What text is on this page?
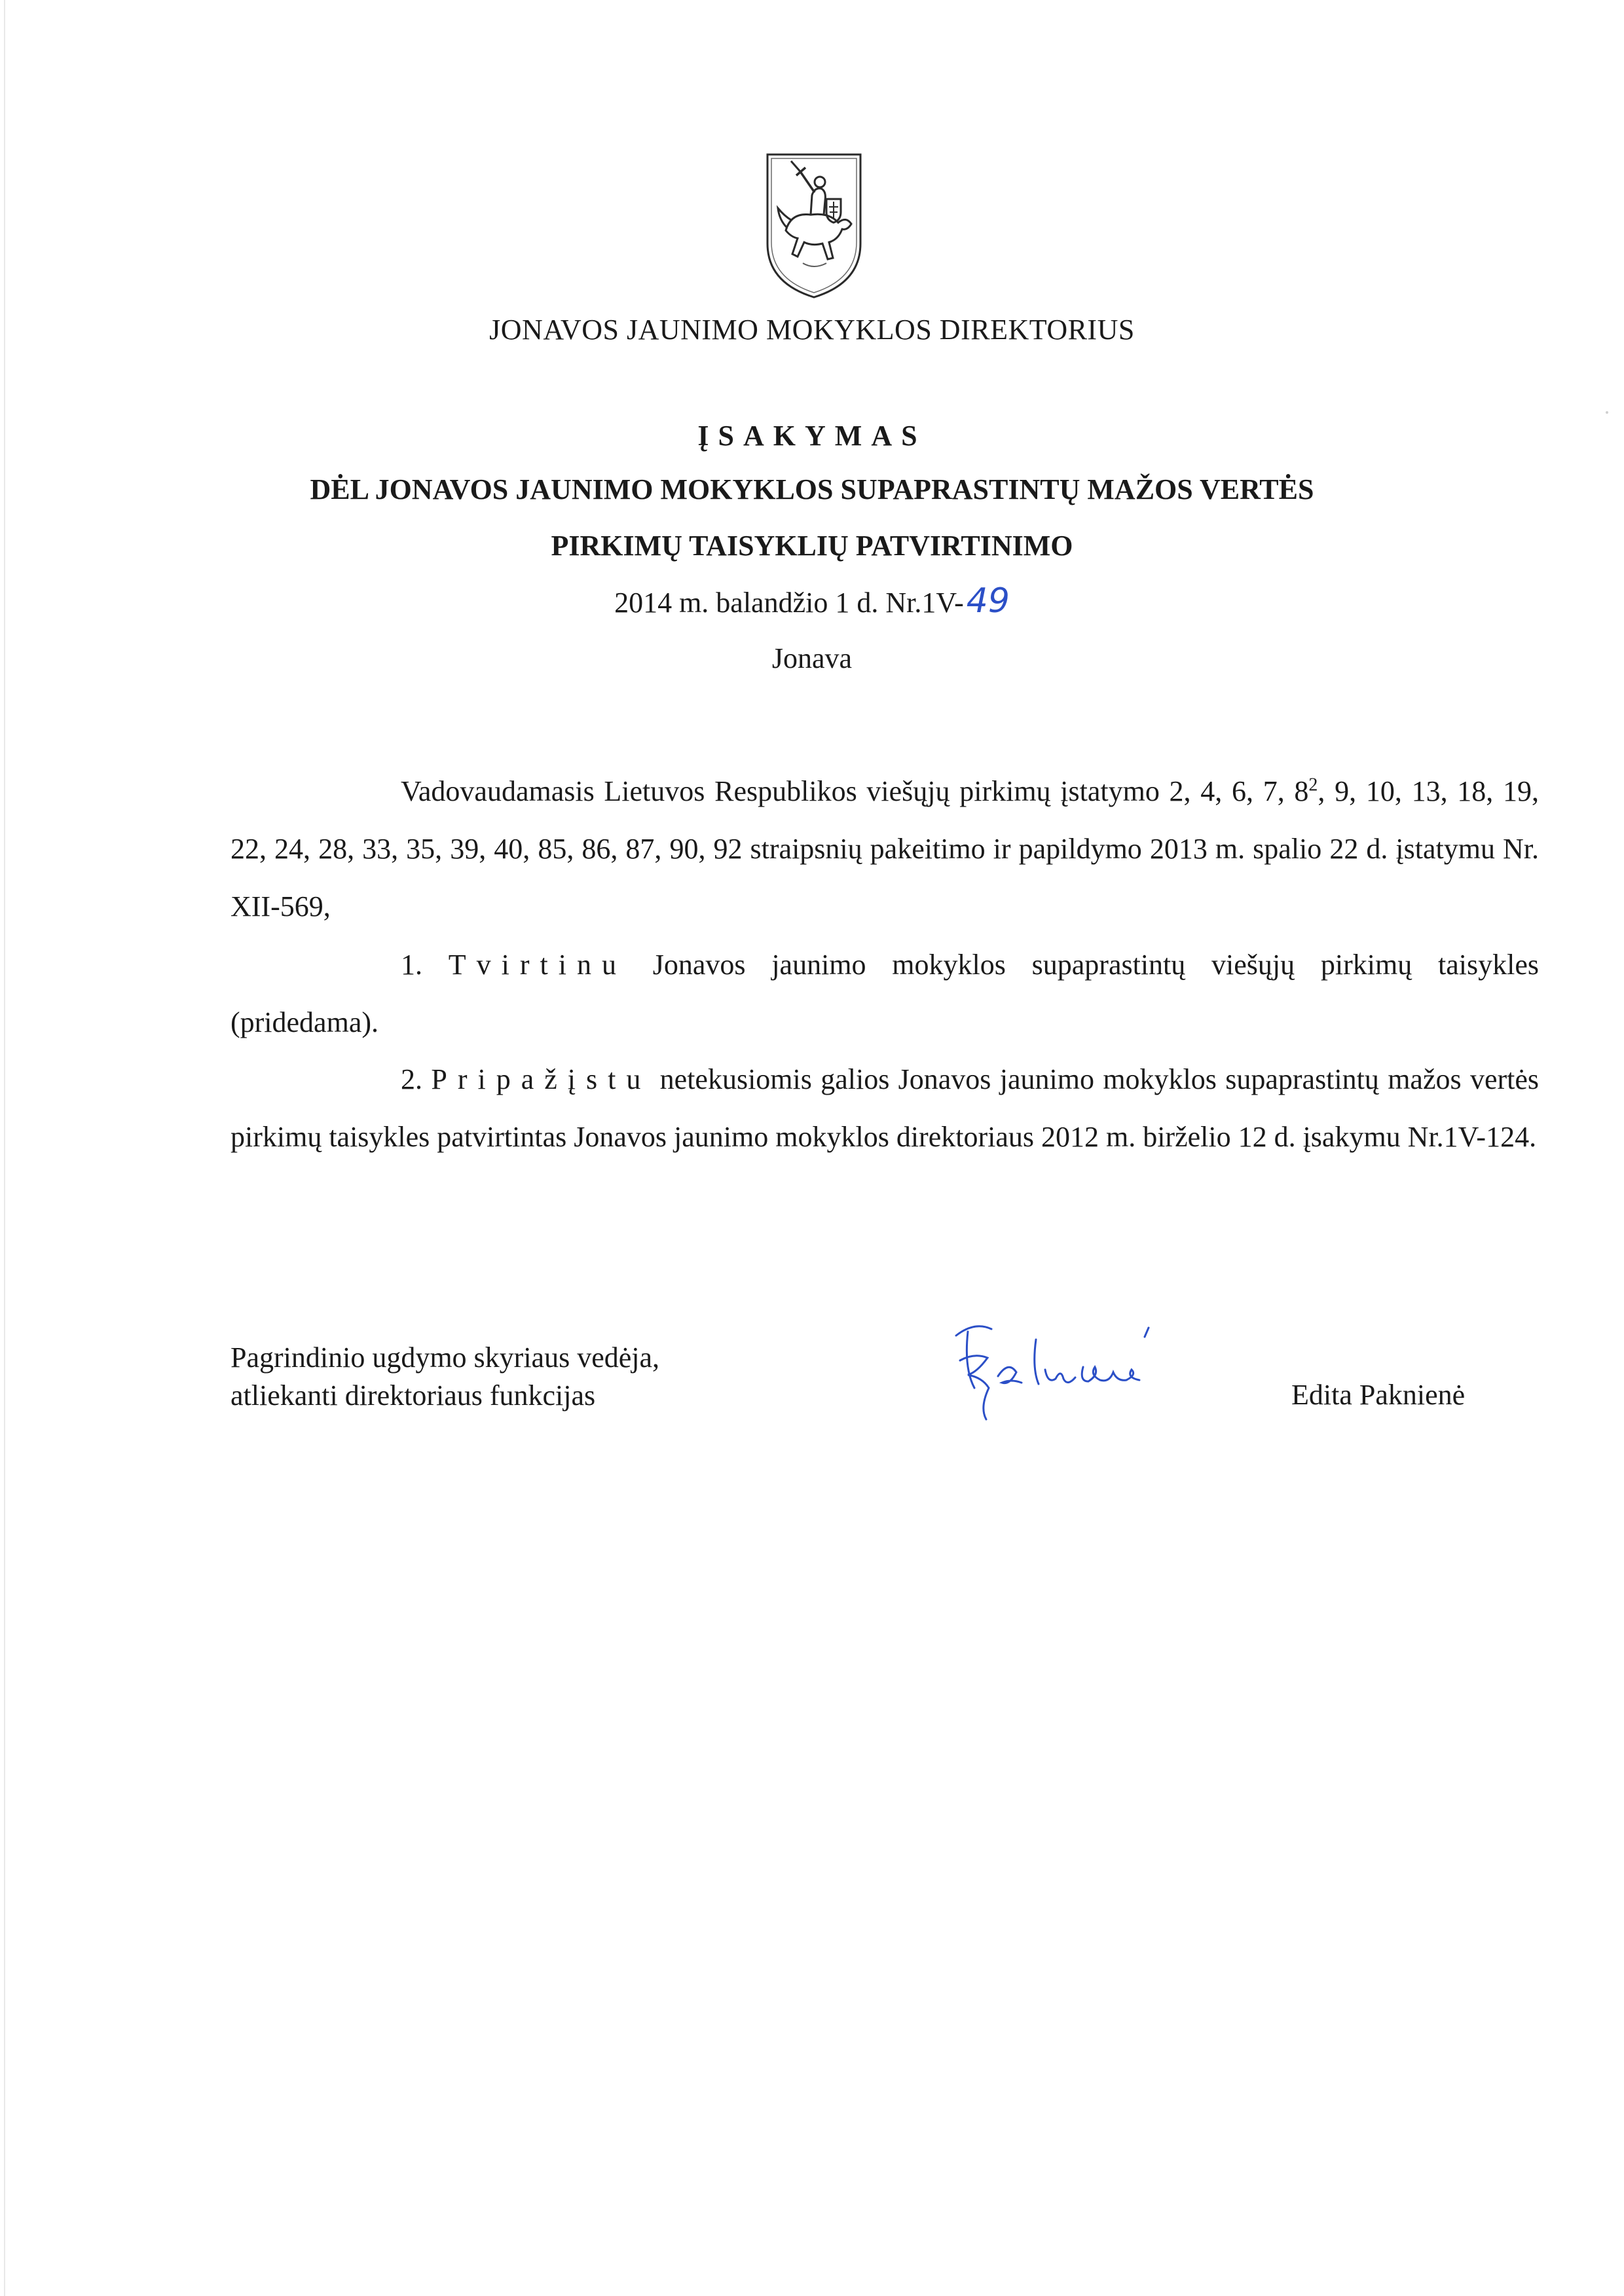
JONAVOS JAUNIMO MOKYKLOS DIREKTORIUS
ĮSAKYMAS
DĖL JONAVOS JAUNIMO MOKYKLOS SUPAPRASTINTŲ MAŽOS VERTĖS
PIRKIMŲ TAISYKLIŲ PATVIRTINIMO
2014 m. balandžio 1 d. Nr.1V-49
Jonava
Vadovaudamasis Lietuvos Respublikos viešųjų pirkimų įstatymo 2, 4, 6, 7, $8^2$, 9, 10, 13, 18, 19, 22, 24, 28, 33, 35, 39, 40, 85, 86, 87, 90, 92 straipsnių pakeitimo ir papildymo 2013 m. spalio 22 d. įstatymu Nr. XII-569,
1. Tvirtinu Jonavos jaunimo mokyklos supaprastintų viešųjų pirkimų taisykles (pridedama).
2. Pripažįstu netekusiomis galios Jonavos jaunimo mokyklos supaprastintų mažos vertės pirkimų taisykles patvirtintas Jonavos jaunimo mokyklos direktoriaus 2012 m. birželio 12 d. įsakymu Nr.1V-124.
Pagrindinio ugdymo skyriaus vedėja,
atliekanti direktoriaus funkcijas	Edita Paknienė
